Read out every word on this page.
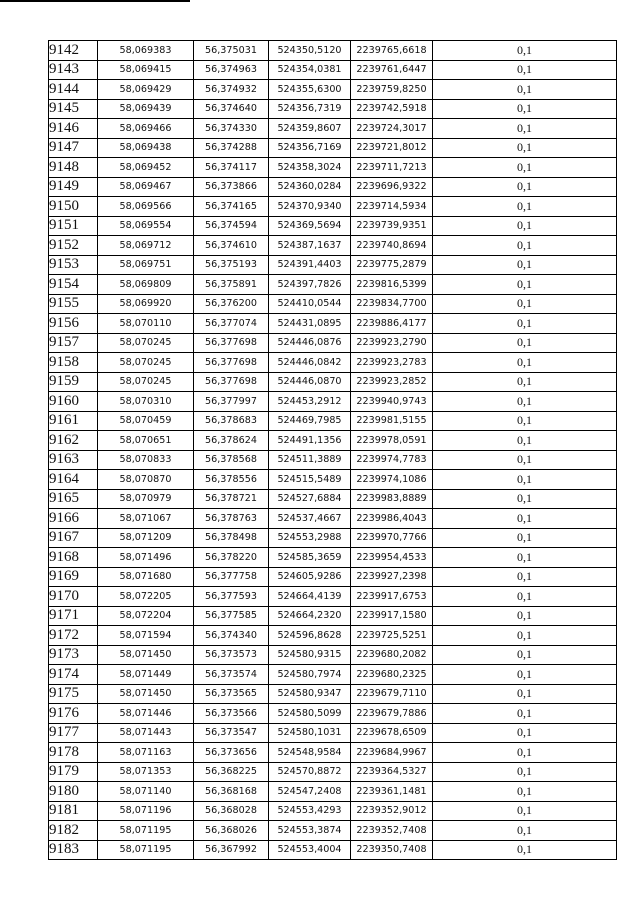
9142	58,069383	56,375031	524350,5120	2239765,6618	0,1
9143	58,069415	56,374963	524354,0381	2239761,6447	0,1
9144	58,069429	56,374932	524355,6300	2239759,8250	0,1
9145	58,069439	56,374640	524356,7319	2239742,5918	0,1
9146	58,069466	56,374330	524359,8607	2239724,3017	0,1
9147	58,069438	56,374288	524356,7169	2239721,8012	0,1
9148	58,069452	56,374117	524358,3024	2239711,7213	0,1
9149	58,069467	56,373866	524360,0284	2239696,9322	0,1
9150	58,069566	56,374165	524370,9340	2239714,5934	0,1
9151	58,069554	56,374594	524369,5694	2239739,9351	0,1
9152	58,069712	56,374610	524387,1637	2239740,8694	0,1
9153	58,069751	56,375193	524391,4403	2239775,2879	0,1
9154	58,069809	56,375891	524397,7826	2239816,5399	0,1
9155	58,069920	56,376200	524410,0544	2239834,7700	0,1
9156	58,070110	56,377074	524431,0895	2239886,4177	0,1
9157	58,070245	56,377698	524446,0876	2239923,2790	0,1
9158	58,070245	56,377698	524446,0842	2239923,2783	0,1
9159	58,070245	56,377698	524446,0870	2239923,2852	0,1
9160	58,070310	56,377997	524453,2912	2239940,9743	0,1
9161	58,070459	56,378683	524469,7985	2239981,5155	0,1
9162	58,070651	56,378624	524491,1356	2239978,0591	0,1
9163	58,070833	56,378568	524511,3889	2239974,7783	0,1
9164	58,070870	56,378556	524515,5489	2239974,1086	0,1
9165	58,070979	56,378721	524527,6884	2239983,8889	0,1
9166	58,071067	56,378763	524537,4667	2239986,4043	0,1
9167	58,071209	56,378498	524553,2988	2239970,7766	0,1
9168	58,071496	56,378220	524585,3659	2239954,4533	0,1
9169	58,071680	56,377758	524605,9286	2239927,2398	0,1
9170	58,072205	56,377593	524664,4139	2239917,6753	0,1
9171	58,072204	56,377585	524664,2320	2239917,1580	0,1
9172	58,071594	56,374340	524596,8628	2239725,5251	0,1
9173	58,071450	56,373573	524580,9315	2239680,2082	0,1
9174	58,071449	56,373574	524580,7974	2239680,2325	0,1
9175	58,071450	56,373565	524580,9347	2239679,7110	0,1
9176	58,071446	56,373566	524580,5099	2239679,7886	0,1
9177	58,071443	56,373547	524580,1031	2239678,6509	0,1
9178	58,071163	56,373656	524548,9584	2239684,9967	0,1
9179	58,071353	56,368225	524570,8872	2239364,5327	0,1
9180	58,071140	56,368168	524547,2408	2239361,1481	0,1
9181	58,071196	56,368028	524553,4293	2239352,9012	0,1
9182	58,071195	56,368026	524553,3874	2239352,7408	0,1
9183	58,071195	56,367992	524553,4004	2239350,7408	0,1
